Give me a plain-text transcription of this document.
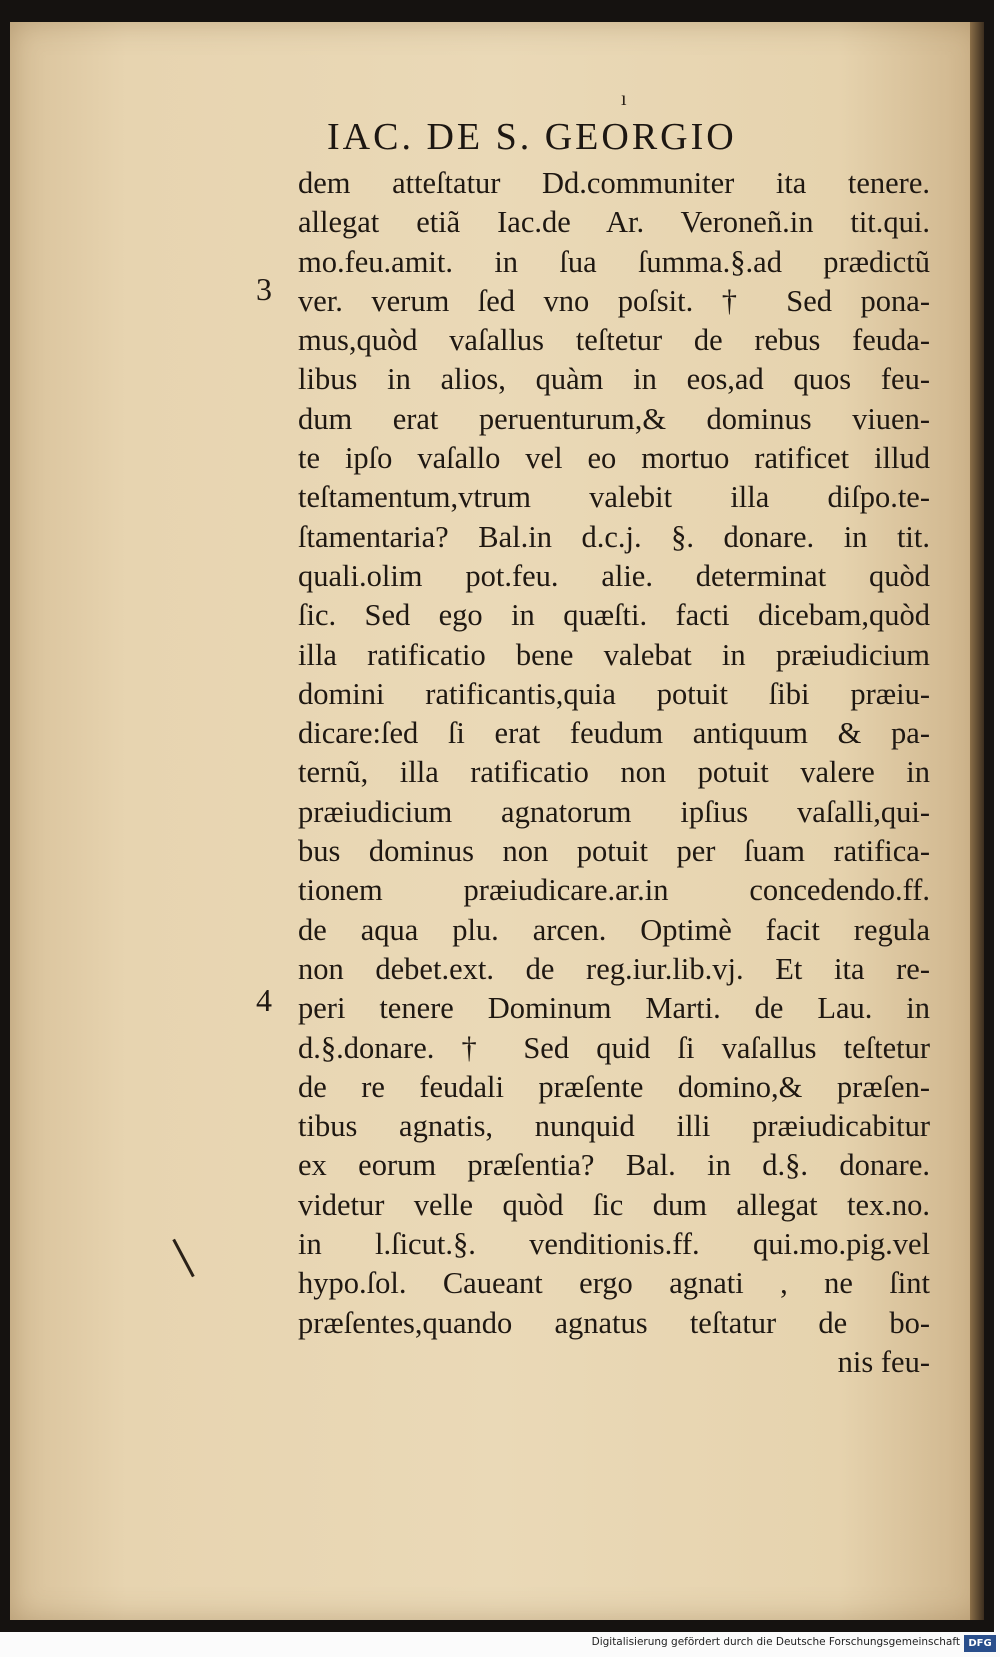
ı
IAC. DE S. GEORGIO
3
4
dem atteſtatur Dd.communiter ita tenere.
allegat etiã Iac.de Ar. Veroneñ.in tit.qui.
mo.feu.amit. in ſua ſumma.§.ad prædictũ
ver. verum ſed vno poſsit. † Sed pona-
mus,quòd vaſallus teſtetur de rebus feuda-
libus in alios, quàm in eos,ad quos feu-
dum erat peruenturum,& dominus viuen-
te ipſo vaſallo vel eo mortuo ratificet illud
teſtamentum,vtrum valebit illa diſpo.te-
ſtamentaria? Bal.in d.c.j. §. donare. in tit.
quali.olim pot.feu. alie. determinat quòd
ſic. Sed ego in quæſti. facti dicebam,quòd
illa ratificatio bene valebat in præiudicium
domini ratificantis,quia potuit ſibi præiu-
dicare:ſed ſi erat feudum antiquum & pa-
ternũ, illa ratificatio non potuit valere in
præiudicium agnatorum ipſius vaſalli,qui-
bus dominus non potuit per ſuam ratifica-
tionem præiudicare.ar.in concedendo.ff.
de aqua plu. arcen. Optimè facit regula
non debet.ext. de reg.iur.lib.vj. Et ita re-
peri tenere Dominum Marti. de Lau. in
d.§.donare. † Sed quid ſi vaſallus teſtetur
de re feudali præſente domino,& præſen-
tibus agnatis, nunquid illi præiudicabitur
ex eorum præſentia? Bal. in d.§. donare.
videtur velle quòd ſic dum allegat tex.no.
in l.ſicut.§. venditionis.ff. qui.mo.pig.vel
hypo.ſol. Caueant ergo agnati , ne ſint
præſentes,quando agnatus teſtatur de bo-
nis feu-
Digitalisierung gefördert durch die Deutsche Forschungsgemeinschaft DFG
